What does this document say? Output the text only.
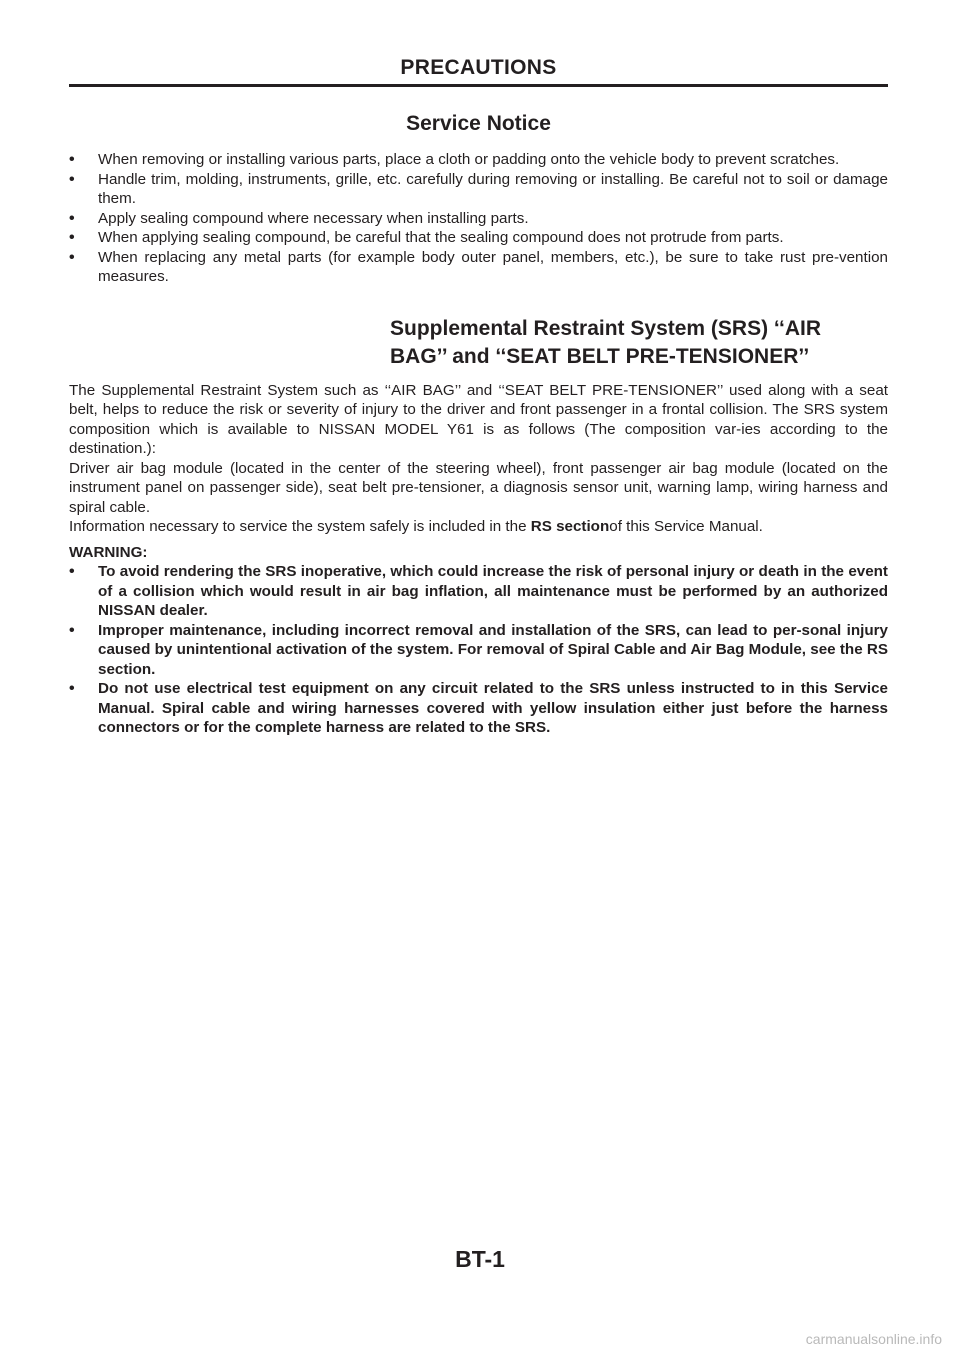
PRECAUTIONS
Service Notice
• When removing or installing various parts, place a cloth or padding onto the vehicle body to prevent scratches.
• Handle trim, molding, instruments, grille, etc. carefully during removing or installing. Be careful not to soil or damage them.
• Apply sealing compound where necessary when installing parts.
• When applying sealing compound, be careful that the sealing compound does not protrude from parts.
• When replacing any metal parts (for example body outer panel, members, etc.), be sure to take rust pre-vention measures.
Supplemental Restraint System (SRS) ‘‘AIR
BAG’’ and ‘‘SEAT BELT PRE-TENSIONER’’

The Supplemental Restraint System such as ‘‘AIR BAG’’ and ‘‘SEAT BELT PRE-TENSIONER’’ used along with a seat belt, helps to reduce the risk or severity of injury to the driver and front passenger in a frontal collision. The SRS system composition which is available to NISSAN MODEL Y61 is as follows (The composition var-ies according to the destination.):

Driver air bag module (located in the center of the steering wheel), front passenger air bag module (located on the instrument panel on passenger side), seat belt pre-tensioner, a diagnosis sensor unit, warning lamp, wiring harness and spiral cable.

Information necessary to service the system safely is included in the RS sectionof this Service Manual.

WARNING:
• To avoid rendering the SRS inoperative, which could increase the risk of personal injury or death in the event of a collision which would result in air bag inflation, all maintenance must be performed by an authorized NISSAN dealer.
• Improper maintenance, including incorrect removal and installation of the SRS, can lead to per-sonal injury caused by unintentional activation of the system. For removal of Spiral Cable and Air Bag Module, see the RS section.
• Do not use electrical test equipment on any circuit related to the SRS unless instructed to in this Service Manual. Spiral cable and wiring harnesses covered with yellow insulation either just before the harness connectors or for the complete harness are related to the SRS.
BT-1
carmanualsonline.info
